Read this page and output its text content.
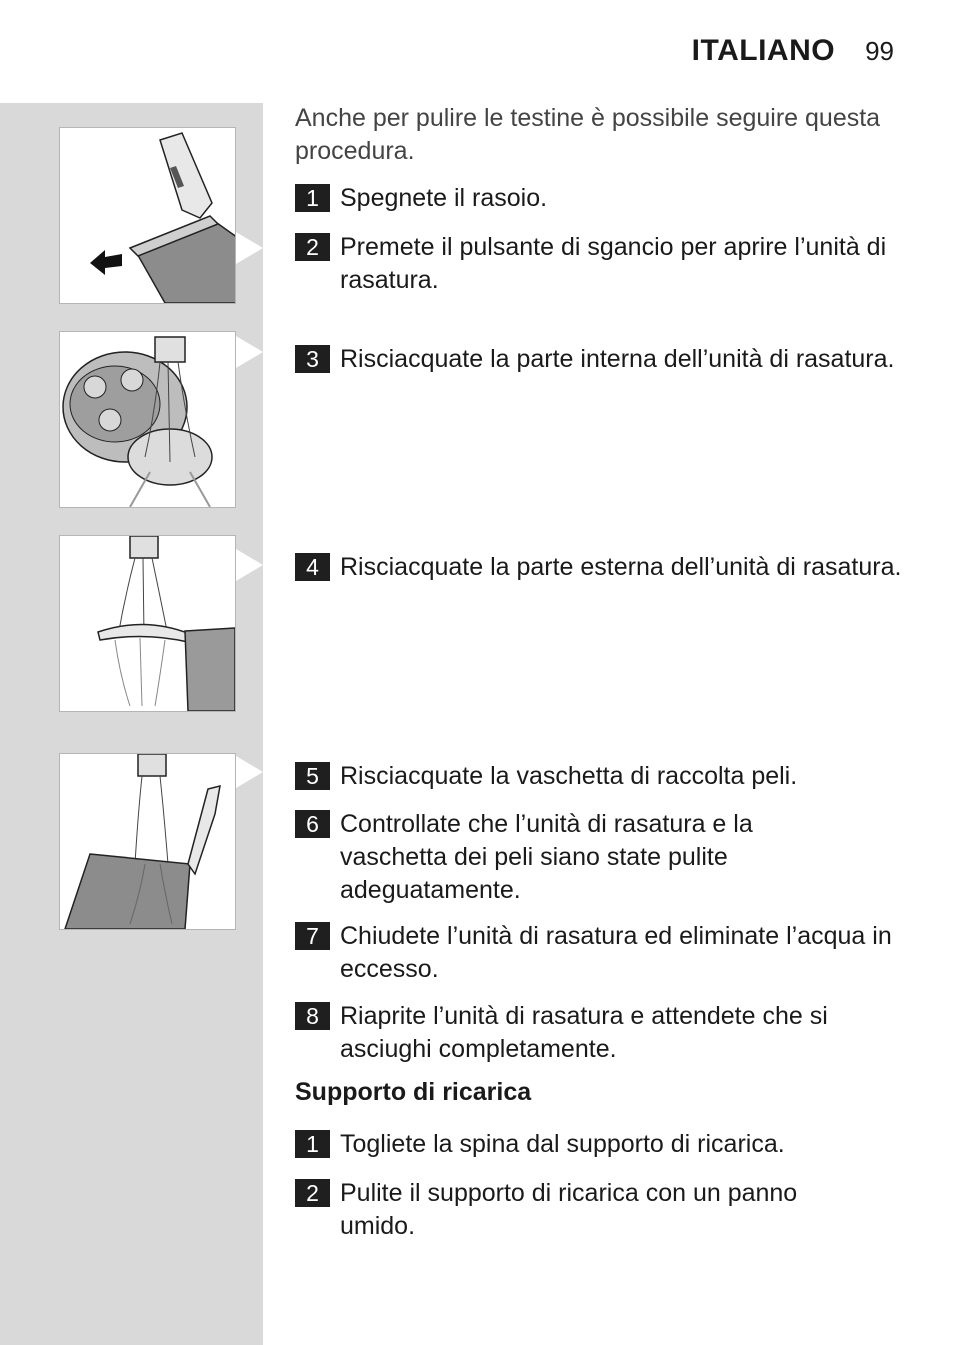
ITALIANO 99
Anche per pulire le testine è possibile seguire questa procedura.
1 Spegnete il rasoio.
2 Premete il pulsante di sgancio per aprire l’unità di rasatura.
3 Risciacquate la parte interna dell’unità di rasatura.
4 Risciacquate la parte esterna dell’unità di rasatura.
5 Risciacquate la vaschetta di raccolta peli.
6 Controllate che l’unità di rasatura e la vaschetta dei peli siano state pulite adeguatamente.
7 Chiudete l’unità di rasatura ed eliminate l’acqua in eccesso.
8 Riaprite l’unità di rasatura e attendete che si asciughi completamente.
Supporto di ricarica
1 Togliete la spina dal supporto di ricarica.
2 Pulite il supporto di ricarica con un panno umido.
